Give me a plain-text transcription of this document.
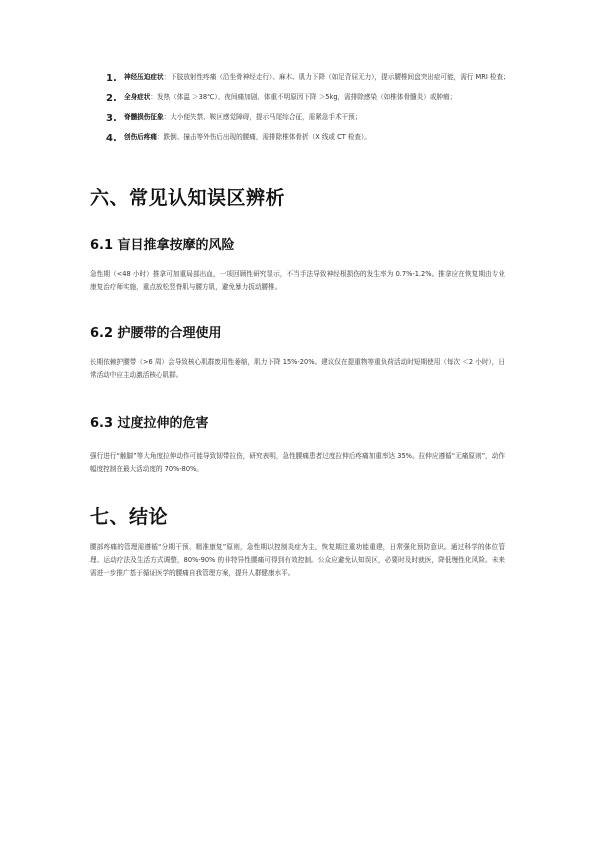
1.	神经压迫症状：下肢放射性疼痛（沿坐骨神经走行）、麻木、肌力下降（如足背屈无力），提示腰椎间盘突出症可能，需行 MRI 检查；
2.	全身症状：发热（体温 ＞38℃）、夜间痛加剧、体重不明原因下降 ＞5kg，需排除感染（如椎体骨髓炎）或肿瘤；
3.	脊髓损伤征象：大小便失禁、鞍区感觉障碍，提示马尾综合征，需紧急手术干预；
4.	创伤后疼痛：跌倒、撞击等外伤后出现的腰痛，需排除椎体骨折（X 线或 CT 检查）。
六、常见认知误区辨析
6.1 盲目推拿按摩的风险
急性期（<48 小时）推拿可加重局部出血，一项回顾性研究显示，不当手法导致神经根损伤的发生率为 0.7%-1.2%。推拿应在恢复期由专业康复治疗师实施，重点放松竖脊肌与腰方肌，避免暴力扳动腰椎。
6.2 护腰带的合理使用
长期依赖护腰带（>6 周）会导致核心肌群废用性萎缩，肌力下降 15%-20%。建议仅在提重物等重负荷活动时短期使用（每次 ＜2 小时），日常活动中应主动激活核心肌群。
6.3 过度拉伸的危害
强行进行“触脚”等大角度拉伸动作可能导致韧带拉伤，研究表明，急性腰痛患者过度拉伸后疼痛加重率达 35%。拉伸应遵循“无痛原则”，动作幅度控制在最大活动度的 70%-80%。
七、结论
腰部疼痛的管理需遵循“分期干预、精准康复”原则，急性期以控制炎症为主，恢复期注重功能重建，日常强化预防意识。通过科学的体位管理、运动疗法及生活方式调整，80%-90% 的非特异性腰痛可得到有效控制。公众应避免认知误区，必要时及时就医，降低慢性化风险。未来需进一步推广基于循证医学的腰痛自我管理方案，提升人群健康水平。
